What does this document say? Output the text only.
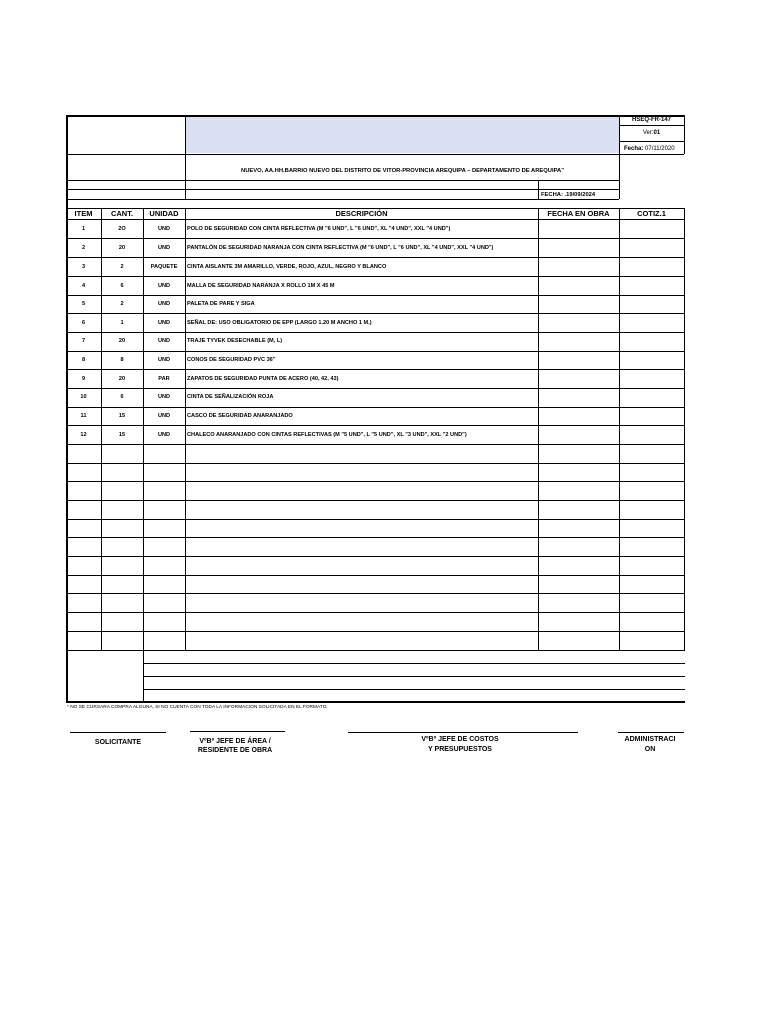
HSEQ-FR-147
Ver:01
Fecha: 07/11/2020
NUEVO, AA.HH.BARRIO NUEVO DEL DISTRITO DE VITOR-PROVINCIA AREQUIPA – DEPARTAMENTO DE AREQUIPA"
FECHA: .19/09/2024
ITEM	CANT.	UNIDAD	DESCRIPCIÓN	FECHA EN OBRA	COTIZ.1
1	2O	UND	POLO DE SEGURIDAD CON CINTA REFLECTIVA (M "6 UND", L "6 UND", XL "4 UND", XXL "4 UND")
2	20	UND	PANTALÓN DE SEGURIDAD NARANJA CON CINTA REFLECTIVA (M "6 UND", L "6 UND", XL "4 UND", XXL "4 UND")
3	2	PAQUETE	CINTA AISLANTE 3M AMARILLO, VERDE, ROJO, AZUL, NEGRO Y BLANCO
4	6	UND	MALLA DE SEGURIDAD NARANJA X ROLLO 1M X 45 M
5	2	UND	PALETA DE PARE Y SIGA
6	1	UND	SEÑAL DE: USO OBLIGATORIO DE EPP (LARGO 1.20 M ANCHO 1 M.)
7	20	UND	TRAJE TYVEK DESECHABLE (M, L)
8	8	UND	CONOS DE SEGURIDAD PVC 36"
9	20	PAR	ZAPATOS DE SEGURIDAD PUNTA DE ACERO (40, 42, 43)
10	6	UND	CINTA DE SEÑALIZACIÓN ROJA
11	15	UND	CASCO DE SEGURIDAD ANARANJADO
12	15	UND	CHALECO ANARANJADO CON CINTAS REFLECTIVAS (M "5 UND", L "5 UND", XL "3 UND", XXL "2 UND")
* NO SE CURSARA COMPRA ALGUNA, SI NO CUENTA CON TODA LA INFORMACION SOLICITADA EN EL FORMATO.
SOLICITANTE	VºBº JEFE DE ÁREA /
RESIDENTE DE OBRA
VºBº JEFE DE COSTOS
Y PRESUPUESTOS
ADMINISTRACI
ON
